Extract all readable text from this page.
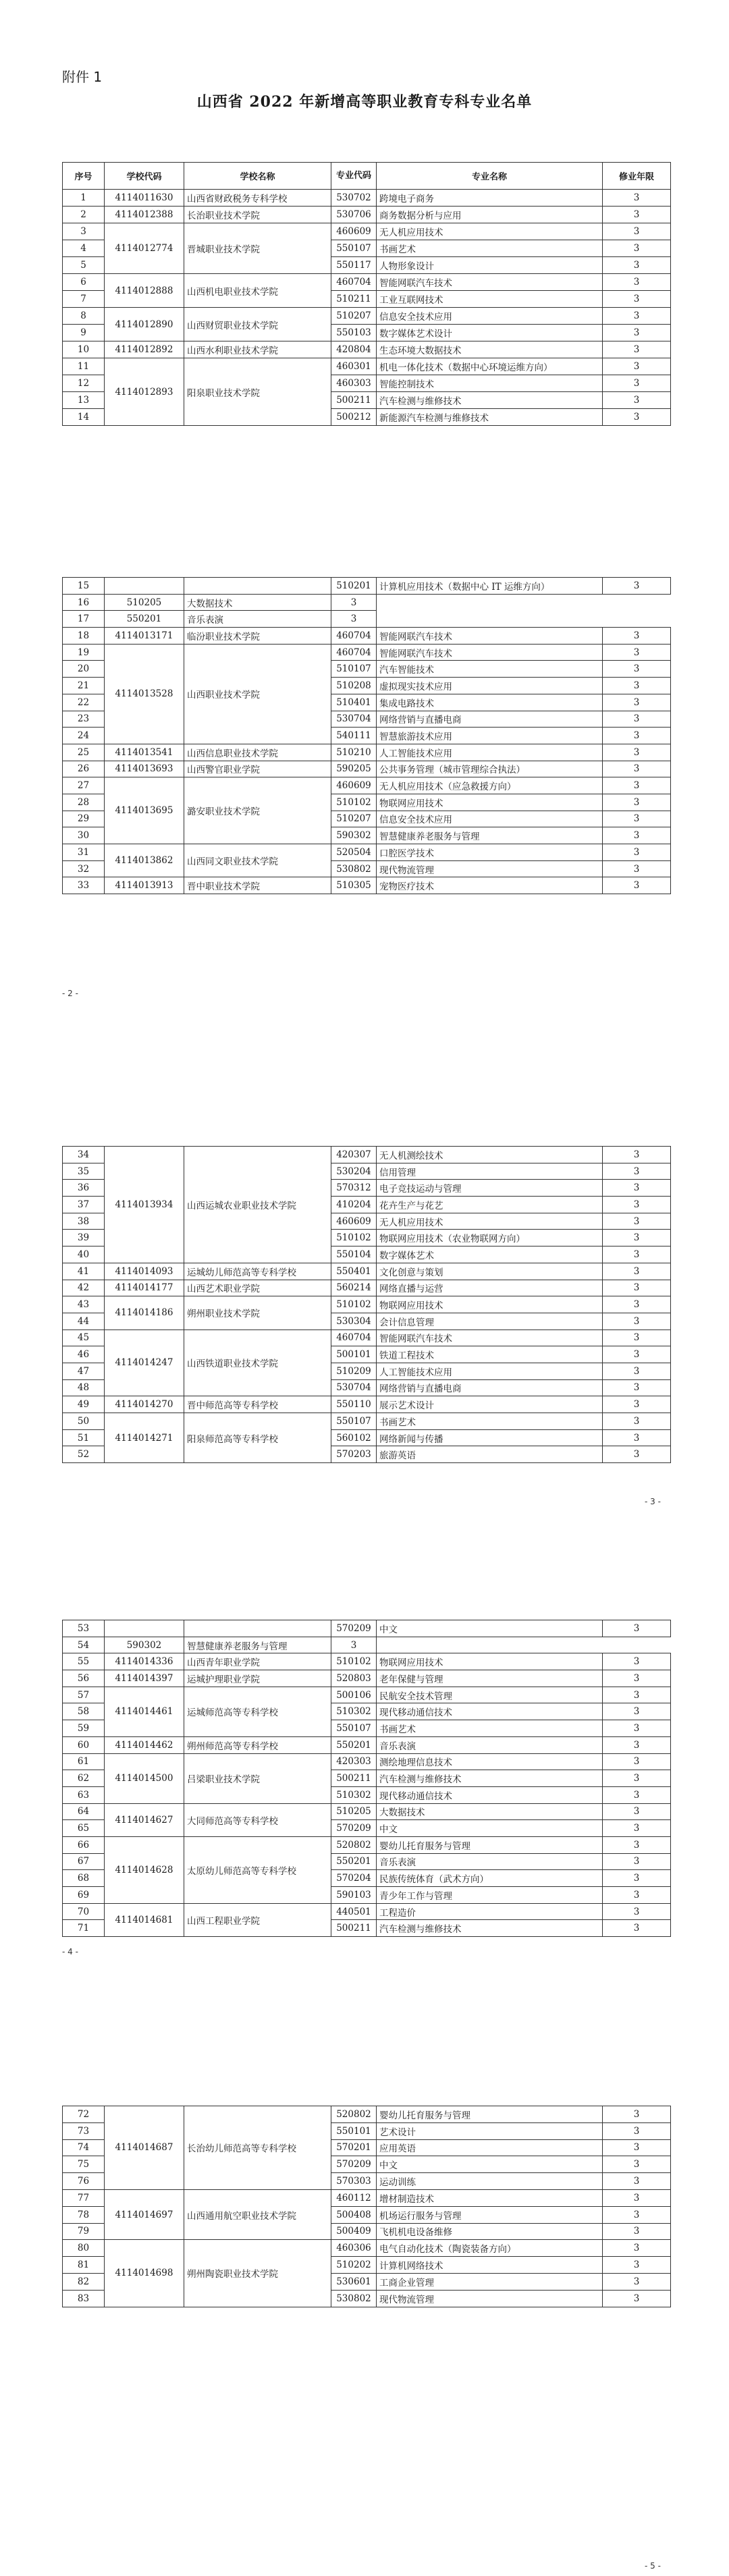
附件 1
山西省 2022 年新增高等职业教育专科专业名单
序号	学校代码	学校名称	专业代码	专业名称	修业年限
1	4114011630	山西省财政税务专科学校	530702	跨境电子商务	3
2	4114012388	长治职业技术学院	530706	商务数据分析与应用	3
3	4114012774	晋城职业技术学院	460609	无人机应用技术	3
4			550107	书画艺术	3
5			550117	人物形象设计	3
6	4114012888	山西机电职业技术学院	460704	智能网联汽车技术	3
7			510211	工业互联网技术	3
8	4114012890	山西财贸职业技术学院	510207	信息安全技术应用	3
9			550103	数字媒体艺术设计	3
10	4114012892	山西水利职业技术学院	420804	生态环境大数据技术	3
11	4114012893	阳泉职业技术学院	460301	机电一体化技术（数据中心环境运维方向）	3
12			460303	智能控制技术	3
13			500211	汽车检测与维修技术	3
14			500212	新能源汽车检测与维修技术	3
15			510201	计算机应用技术（数据中心 IT 运维方向）	3
16	510205	大数据技术	3		
17	550201	音乐表演	3		
18	4114013171	临汾职业技术学院	460704	智能网联汽车技术	3
19	4114013528	山西职业技术学院	460704	智能网联汽车技术	3
20			510107	汽车智能技术	3
21			510208	虚拟现实技术应用	3
22			510401	集成电路技术	3
23			530704	网络营销与直播电商	3
24			540111	智慧旅游技术应用	3
25	4114013541	山西信息职业技术学院	510210	人工智能技术应用	3
26	4114013693	山西警官职业学院	590205	公共事务管理（城市管理综合执法）	3
27	4114013695	潞安职业技术学院	460609	无人机应用技术（应急救援方向）	3
28			510102	物联网应用技术	3
29			510207	信息安全技术应用	3
30			590302	智慧健康养老服务与管理	3
31	4114013862	山西同文职业技术学院	520504	口腔医学技术	3
32			530802	现代物流管理	3
33	4114013913	晋中职业技术学院	510305	宠物医疗技术	3
- 2 -
34	4114013934	山西运城农业职业技术学院	420307	无人机测绘技术	3
35			530204	信用管理	3
36			570312	电子竞技运动与管理	3
37			410204	花卉生产与花艺	3
38			460609	无人机应用技术	3
39			510102	物联网应用技术（农业物联网方向）	3
40			550104	数字媒体艺术	3
41	4114014093	运城幼儿师范高等专科学校	550401	文化创意与策划	3
42	4114014177	山西艺术职业学院	560214	网络直播与运营	3
43	4114014186	朔州职业技术学院	510102	物联网应用技术	3
44			530304	会计信息管理	3
45	4114014247	山西铁道职业技术学院	460704	智能网联汽车技术	3
46			500101	铁道工程技术	3
47			510209	人工智能技术应用	3
48			530704	网络营销与直播电商	3
49	4114014270	晋中师范高等专科学校	550110	展示艺术设计	3
50	4114014271	阳泉师范高等专科学校	550107	书画艺术	3
51			560102	网络新闻与传播	3
52			570203	旅游英语	3
- 3 -
53			570209	中文	3
54	590302	智慧健康养老服务与管理	3		
55	4114014336	山西青年职业学院	510102	物联网应用技术	3
56	4114014397	运城护理职业学院	520803	老年保健与管理	3
57	4114014461	运城师范高等专科学校	500106	民航安全技术管理	3
58			510302	现代移动通信技术	3
59			550107	书画艺术	3
60	4114014462	朔州师范高等专科学校	550201	音乐表演	3
61	4114014500	吕梁职业技术学院	420303	测绘地理信息技术	3
62			500211	汽车检测与维修技术	3
63			510302	现代移动通信技术	3
64	4114014627	大同师范高等专科学校	510205	大数据技术	3
65			570209	中文	3
66	4114014628	太原幼儿师范高等专科学校	520802	婴幼儿托育服务与管理	3
67			550201	音乐表演	3
68			570204	民族传统体育（武术方向）	3
69			590103	青少年工作与管理	3
70	4114014681	山西工程职业学院	440501	工程造价	3
71			500211	汽车检测与维修技术	3
- 4 -
72	4114014687	长治幼儿师范高等专科学校	520802	婴幼儿托育服务与管理	3
73			550101	艺术设计	3
74			570201	应用英语	3
75			570209	中文	3
76			570303	运动训练	3
77	4114014697	山西通用航空职业技术学院	460112	增材制造技术	3
78			500408	机场运行服务与管理	3
79			500409	飞机机电设备维修	3
80	4114014698	朔州陶瓷职业技术学院	460306	电气自动化技术（陶瓷装备方向）	3
81			510202	计算机网络技术	3
82			530601	工商企业管理	3
83			530802	现代物流管理	3
- 5 -
